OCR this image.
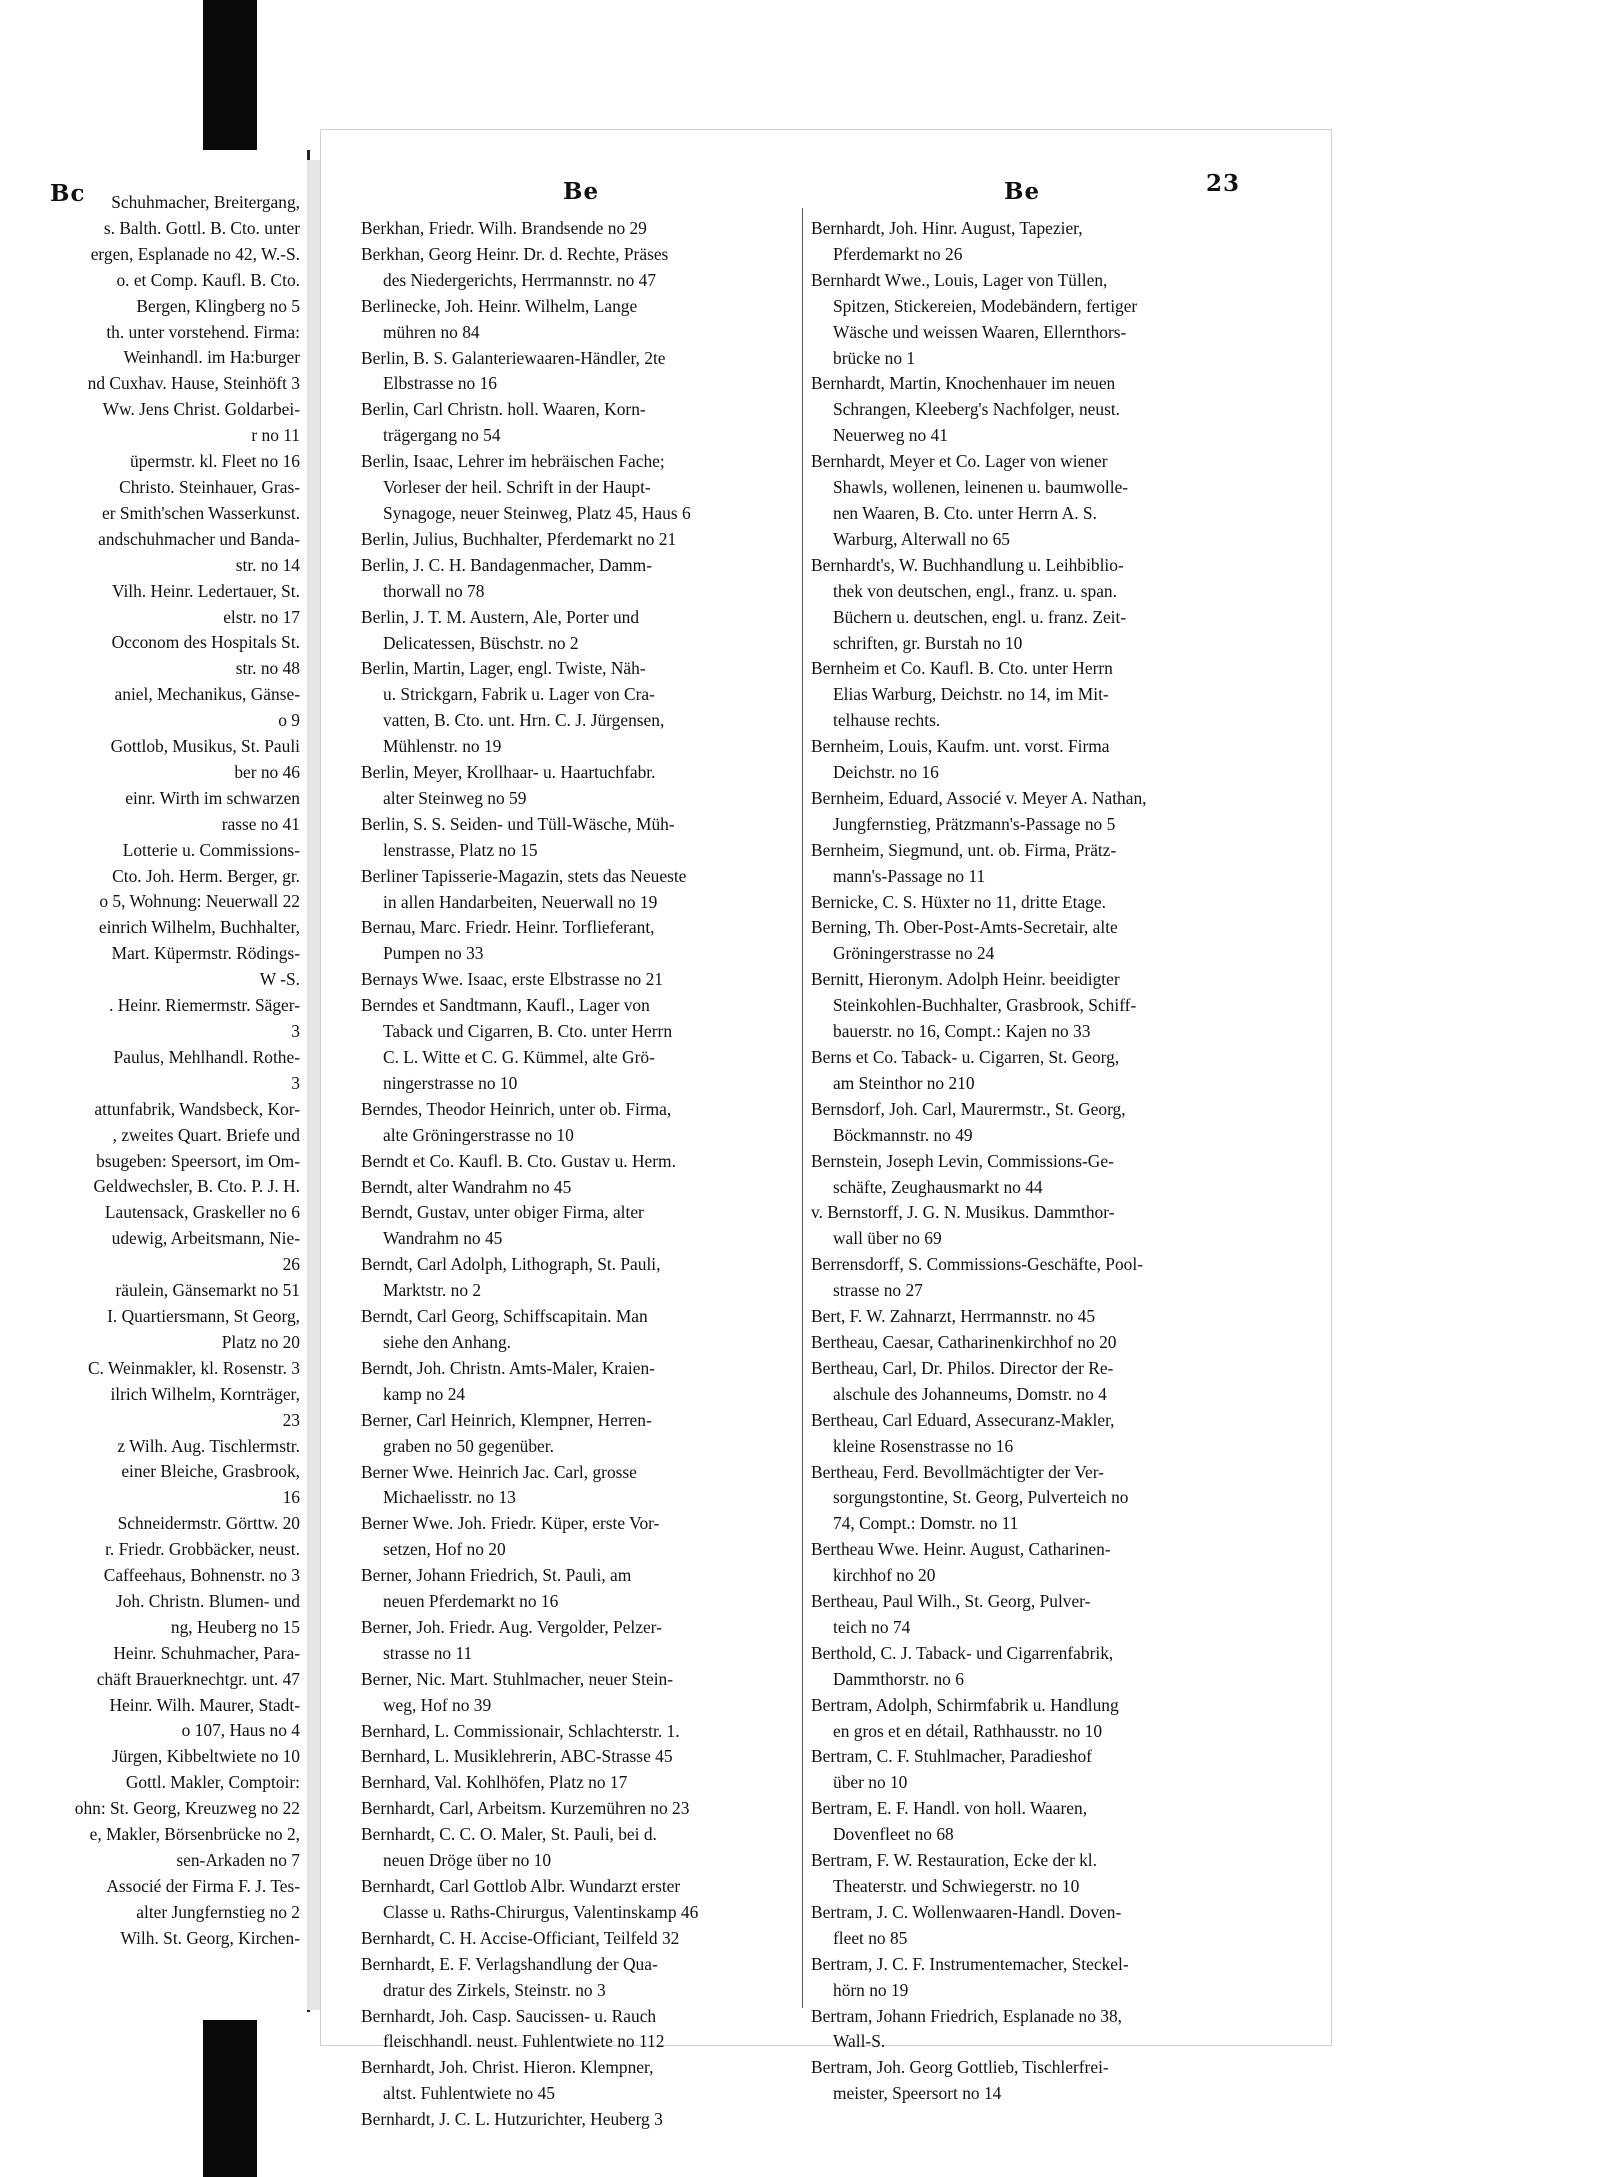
Bc	Schuhmacher, Breitergang,
s. Balth. Gottl. B. Cto. unter
ergen, Esplanade no 42, W.-S.
o. et Comp. Kaufl. B. Cto.
Bergen, Klingberg no 5
th. unter vorstehend. Firma:
Weinhandl. im Ha:burger
nd Cuxhav. Hause, Steinhöft 3
Ww. Jens Christ. Goldarbei-
r no 11
üpermstr. kl. Fleet no 16
Christo. Steinhauer, Gras-
er Smith'schen Wasserkunst.
andschuhmacher und Banda-
str. no 14
Vilh. Heinr. Ledertauer, St.
elstr. no 17
Occonom des Hospitals St.
str. no 48
aniel, Mechanikus, Gänse-
o 9
Gottlob, Musikus, St. Pauli
ber no 46
einr. Wirth im schwarzen
rasse no 41
Lotterie u. Commissions-
Cto. Joh. Herm. Berger, gr.
o 5, Wohnung: Neuerwall 22
einrich Wilhelm, Buchhalter,
Mart. Küpermstr. Rödings-
W -S.
. Heinr. Riemermstr. Säger-
3
Paulus, Mehlhandl. Rothe-
3
attunfabrik, Wandsbeck, Kor-
, zweites Quart. Briefe und
bsugeben: Speersort, im Om-
Geldwechsler, B. Cto. P. J. H.
Lautensack, Graskeller no 6
udewig, Arbeitsmann, Nie-
26
räulein, Gänsemarkt no 51
I. Quartiersmann, St Georg,
Platz no 20
C. Weinmakler, kl. Rosenstr. 3
ilrich Wilhelm, Kornträger,
23
z Wilh. Aug. Tischlermstr.
einer Bleiche, Grasbrook,
16
Schneidermstr. Görttw. 20
r. Friedr. Grobbäcker, neust.
Caffeehaus, Bohnenstr. no 3
Joh. Christn. Blumen- und
ng, Heuberg no 15
Heinr. Schuhmacher, Para-
chäft Brauerknechtgr. unt. 47
Heinr. Wilh. Maurer, Stadt-
o 107, Haus no 4
Jürgen, Kibbeltwiete no 10
Gottl. Makler, Comptoir:
ohn: St. Georg, Kreuzweg no 22
e, Makler, Börsenbrücke no 2,
sen-Arkaden no 7
Associé der Firma F. J. Tes-
alter Jungfernstieg no 2
Wilh. St. Georg, Kirchen-
Be	Be	23
Berkhan, Friedr. Wilh. Brandsende no 29
Berkhan, Georg Heinr. Dr. d. Rechte, Präses
des Niedergerichts, Herrmannstr. no 47
Berlinecke, Joh. Heinr. Wilhelm, Lange
mühren no 84
Berlin, B. S. Galanteriewaaren-Händler, 2te
Elbstrasse no 16
Berlin, Carl Christn. holl. Waaren, Korn-
trägergang no 54
Berlin, Isaac, Lehrer im hebräischen Fache;
Vorleser der heil. Schrift in der Haupt-
Synagoge, neuer Steinweg, Platz 45, Haus 6
Berlin, Julius, Buchhalter, Pferdemarkt no 21
Berlin, J. C. H. Bandagenmacher, Damm-
thorwall no 78
Berlin, J. T. M. Austern, Ale, Porter und
Delicatessen, Büschstr. no 2
Berlin, Martin, Lager, engl. Twiste, Näh-
u. Strickgarn, Fabrik u. Lager von Cra-
vatten, B. Cto. unt. Hrn. C. J. Jürgensen,
Mühlenstr. no 19
Berlin, Meyer, Krollhaar- u. Haartuchfabr.
alter Steinweg no 59
Berlin, S. S. Seiden- und Tüll-Wäsche, Müh-
lenstrasse, Platz no 15
Berliner Tapisserie-Magazin, stets das Neueste
in allen Handarbeiten, Neuerwall no 19
Bernau, Marc. Friedr. Heinr. Torflieferant,
Pumpen no 33
Bernays Wwe. Isaac, erste Elbstrasse no 21
Berndes et Sandtmann, Kaufl., Lager von
Taback und Cigarren, B. Cto. unter Herrn
C. L. Witte et C. G. Kümmel, alte Grö-
ningerstrasse no 10
Berndes, Theodor Heinrich, unter ob. Firma,
alte Gröningerstrasse no 10
Berndt et Co. Kaufl. B. Cto. Gustav u. Herm.
Berndt, alter Wandrahm no 45
Berndt, Gustav, unter obiger Firma, alter
Wandrahm no 45
Berndt, Carl Adolph, Lithograph, St. Pauli,
Marktstr. no 2
Berndt, Carl Georg, Schiffscapitain. Man
siehe den Anhang.
Berndt, Joh. Christn. Amts-Maler, Kraien-
kamp no 24
Berner, Carl Heinrich, Klempner, Herren-
graben no 50 gegenüber.
Berner Wwe. Heinrich Jac. Carl, grosse
Michaelisstr. no 13
Berner Wwe. Joh. Friedr. Küper, erste Vor-
setzen, Hof no 20
Berner, Johann Friedrich, St. Pauli, am
neuen Pferdemarkt no 16
Berner, Joh. Friedr. Aug. Vergolder, Pelzer-
strasse no 11
Berner, Nic. Mart. Stuhlmacher, neuer Stein-
weg, Hof no 39
Bernhard, L. Commissionair, Schlachterstr. 1.
Bernhard, L. Musiklehrerin, ABC-Strasse 45
Bernhard, Val. Kohlhöfen, Platz no 17
Bernhardt, Carl, Arbeitsm. Kurzemühren no 23
Bernhardt, C. C. O. Maler, St. Pauli, bei d.
neuen Dröge über no 10
Bernhardt, Carl Gottlob Albr. Wundarzt erster
Classe u. Raths-Chirurgus, Valentinskamp 46
Bernhardt, C. H. Accise-Officiant, Teilfeld 32
Bernhardt, E. F. Verlagshandlung der Qua-
dratur des Zirkels, Steinstr. no 3
Bernhardt, Joh. Casp. Saucissen- u. Rauch
fleischhandl. neust. Fuhlentwiete no 112
Bernhardt, Joh. Christ. Hieron. Klempner,
altst. Fuhlentwiete no 45
Bernhardt, J. C. L. Hutzurichter, Heuberg 3
Bernhardt, Joh. Hinr. August, Tapezier,
Pferdemarkt no 26
Bernhardt Wwe., Louis, Lager von Tüllen,
Spitzen, Stickereien, Modebändern, fertiger
Wäsche und weissen Waaren, Ellernthors-
brücke no 1
Bernhardt, Martin, Knochenhauer im neuen
Schrangen, Kleeberg's Nachfolger, neust.
Neuerweg no 41
Bernhardt, Meyer et Co. Lager von wiener
Shawls, wollenen, leinenen u. baumwolle-
nen Waaren, B. Cto. unter Herrn A. S.
Warburg, Alterwall no 65
Bernhardt's, W. Buchhandlung u. Leihbiblio-
thek von deutschen, engl., franz. u. span.
Büchern u. deutschen, engl. u. franz. Zeit-
schriften, gr. Burstah no 10
Bernheim et Co. Kaufl. B. Cto. unter Herrn
Elias Warburg, Deichstr. no 14, im Mit-
telhause rechts.
Bernheim, Louis, Kaufm. unt. vorst. Firma
Deichstr. no 16
Bernheim, Eduard, Associé v. Meyer A. Nathan,
Jungfernstieg, Prätzmann's-Passage no 5
Bernheim, Siegmund, unt. ob. Firma, Prätz-
mann's-Passage no 11
Bernicke, C. S. Hüxter no 11, dritte Etage.
Berning, Th. Ober-Post-Amts-Secretair, alte
Gröningerstrasse no 24
Bernitt, Hieronym. Adolph Heinr. beeidigter
Steinkohlen-Buchhalter, Grasbrook, Schiff-
bauerstr. no 16, Compt.: Kajen no 33
Berns et Co. Taback- u. Cigarren, St. Georg,
am Steinthor no 210
Bernsdorf, Joh. Carl, Maurermstr., St. Georg,
Böckmannstr. no 49
Bernstein, Joseph Levin, Commissions-Ge-
schäfte, Zeughausmarkt no 44
v. Bernstorff, J. G. N. Musikus. Dammthor-
wall über no 69
Berrensdorff, S. Commissions-Geschäfte, Pool-
strasse no 27
Bert, F. W. Zahnarzt, Herrmannstr. no 45
Bertheau, Caesar, Catharinenkirchhof no 20
Bertheau, Carl, Dr. Philos. Director der Re-
alschule des Johanneums, Domstr. no 4
Bertheau, Carl Eduard, Assecuranz-Makler,
kleine Rosenstrasse no 16
Bertheau, Ferd. Bevollmächtigter der Ver-
sorgungstontine, St. Georg, Pulverteich no
74, Compt.: Domstr. no 11
Bertheau Wwe. Heinr. August, Catharinen-
kirchhof no 20
Bertheau, Paul Wilh., St. Georg, Pulver-
teich no 74
Berthold, C. J. Taback- und Cigarrenfabrik,
Dammthorstr. no 6
Bertram, Adolph, Schirmfabrik u. Handlung
en gros et en détail, Rathhausstr. no 10
Bertram, C. F. Stuhlmacher, Paradieshof
über no 10
Bertram, E. F. Handl. von holl. Waaren,
Dovenfleet no 68
Bertram, F. W. Restauration, Ecke der kl.
Theaterstr. und Schwiegerstr. no 10
Bertram, J. C. Wollenwaaren-Handl. Doven-
fleet no 85
Bertram, J. C. F. Instrumentemacher, Steckel-
hörn no 19
Bertram, Johann Friedrich, Esplanade no 38,
Wall-S.
Bertram, Joh. Georg Gottlieb, Tischlerfrei-
meister, Speersort no 14
